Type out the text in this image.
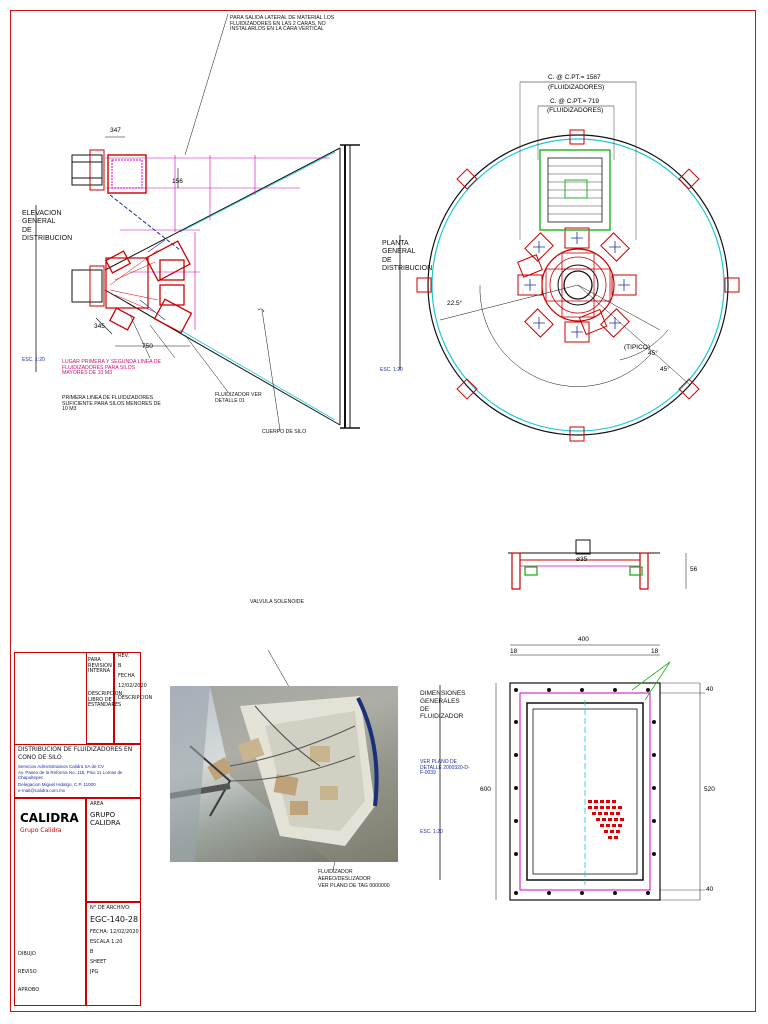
PARA SALIDA LATERAL DE MATERIAL LOS FLUIDIZADORES EN LAS 2 CARAS, NO INSTALARLOS EN LA CARA VERTICAL
347
156
345
750
ELEVACION GENERAL DE DISTRIBUCION
ESC. 1:20
FLUIDIZADOR VER DETALLE 01
CUERPO DE SILO
LUGAR PRIMERA Y SEGUNDA LINEA DE FLUIDIZADORES PARA SILOS MAYORES DE 10 M3
PRIMERA LINEA DE FLUIDIZADORES SUFICIENTE PARA SILOS MENORES DE 10 M3
C. @ C.PT.= 1587
(FLUIDIZADORES)
C. @ C.PT.= 719
(FLUIDIZADORES)
22.5°
(TIPICO)
45°
45°
PLANTA GENERAL DE DISTRIBUCION
ESC. 1:20
ø35
56
400
18	18
600	520
40
40
DIMENSIONES GENERALES DE FLUIDIZADOR
VER PLANO DE DETALLE 2000320-D-F-0039
ESC. 1:20
VALVULA SOLENOIDE
FLUIDIZADOR
AEREO/DESLIZADOR
VER PLANO DE TAG 0000000
REV.
B
FECHA
12/02/2020
DESCRIPCION
PARA REVISION INTERNA
DESCRIPCION: LIBRO DE ESTANDARES
DISTRIBUCION DE FLUIDIZADORES EN
CONO DE SILO
Servicios Administrativos Calidra SA de CV
Av. Paseo de la Reforma No. 115, Piso 11 Lomas de Chapultepec
Delegacion Miguel Hidalgo, C.P. 11000
e-mail@calidra.com.mx
CALIDRA
Grupo Calidra
AREA
GRUPO CALIDRA
N° DE ARCHIVO:
EGC-140-28
FECHA: 12/02/2020
ESCALA 1:20
B
SHEET
JPG
DIBUJO
REVISO
APROBO
